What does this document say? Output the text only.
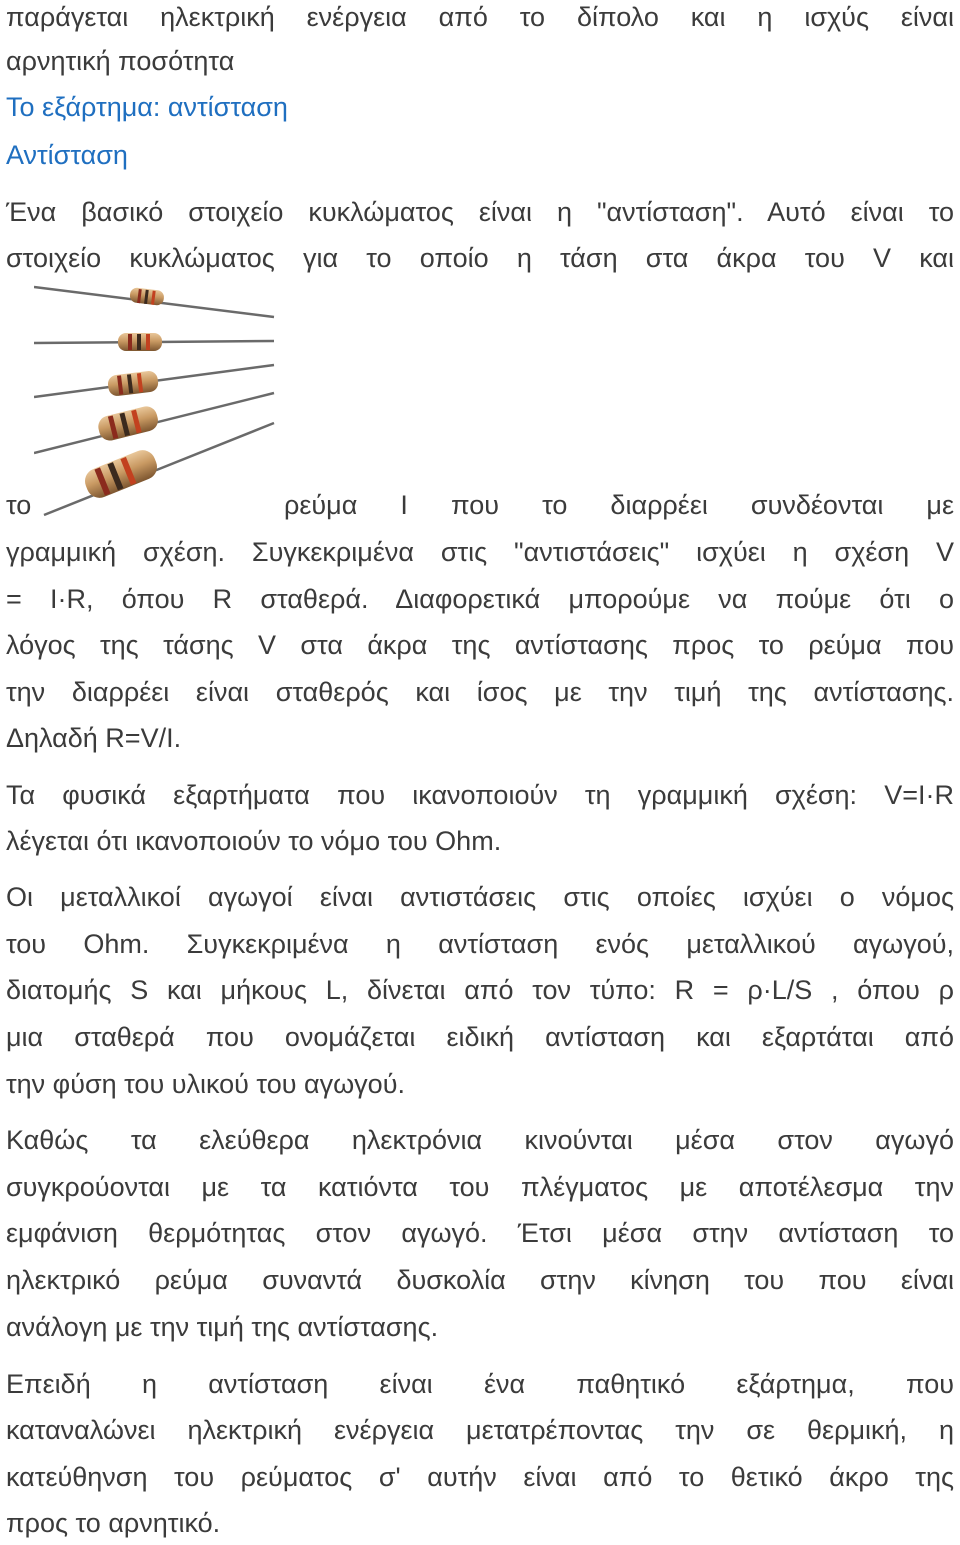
παράγεται ηλεκτρική ενέργεια από το δίπολο και η ισχύς είναι
αρνητική ποσότητα
Το εξάρτημα: αντίσταση
Αντίσταση
Ένα βασικό στοιχείο κυκλώματος είναι η "αντίσταση". Αυτό είναι το
στοιχείο κυκλώματος για το οποίο η τάση στα άκρα του V και
το	ρεύμα Ι που το διαρρέει συνδέονται με
γραμμική σχέση. Συγκεκριμένα στις "αντιστάσεις" ισχύει η σχέση V
= I·R, όπου R σταθερά. Διαφορετικά μπορούμε να πούμε ότι ο
λόγος της τάσης V στα άκρα της αντίστασης προς το ρεύμα που
την διαρρέει είναι σταθερός και ίσος με την τιμή της αντίστασης.
Δηλαδή R=V/I.
Τα φυσικά εξαρτήματα που ικανοποιούν τη γραμμική σχέση: V=I·R
λέγεται ότι ικανοποιούν το νόμο του Ohm.
Οι μεταλλικοί αγωγοί είναι αντιστάσεις στις οποίες ισχύει ο νόμος
του Ohm. Συγκεκριμένα η αντίσταση ενός μεταλλικού αγωγού,
διατομής S και μήκους L, δίνεται από τον τύπο: R = ρ·L/S , όπου ρ
μια σταθερά που ονομάζεται ειδική αντίσταση και εξαρτάται από
την φύση του υλικού του αγωγού.
Καθώς τα ελεύθερα ηλεκτρόνια κινούνται μέσα στον αγωγό
συγκρούονται με τα κατιόντα του πλέγματος με αποτέλεσμα την
εμφάνιση θερμότητας στον αγωγό. Έτσι μέσα στην αντίσταση το
ηλεκτρικό ρεύμα συναντά δυσκολία στην κίνηση του που είναι
ανάλογη με την τιμή της αντίστασης.
Επειδή η αντίσταση είναι ένα παθητικό εξάρτημα, που
καταναλώνει ηλεκτρική ενέργεια μετατρέποντας την σε θερμική, η
κατεύθηνση του ρεύματος σ' αυτήν είναι από το θετικό άκρο της
προς το αρνητικό.
